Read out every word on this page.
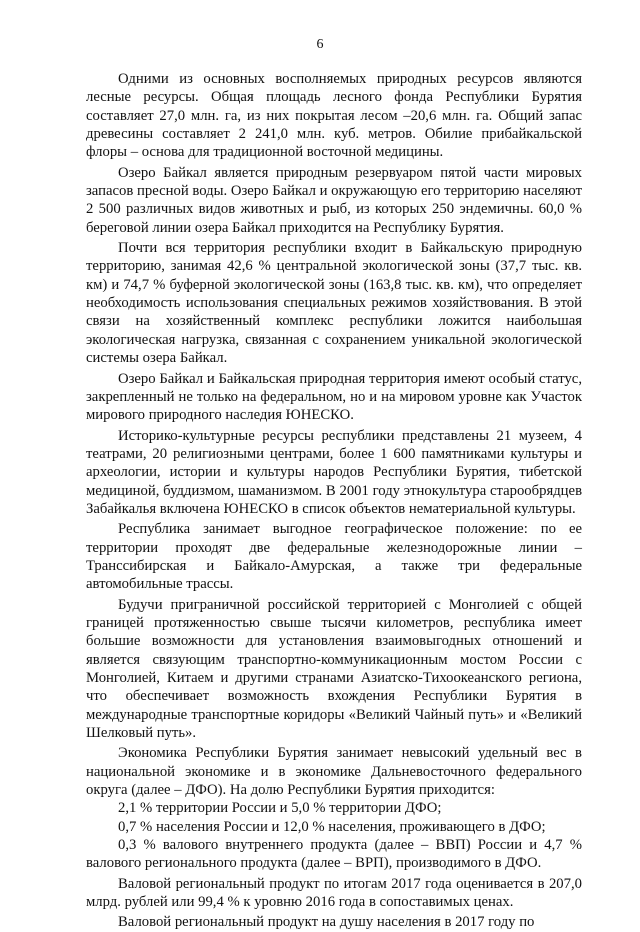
6

Одними из основных восполняемых природных ресурсов являются лесные ресурсы. Общая площадь лесного фонда Республики Бурятия составляет 27,0 млн. га, из них покрытая лесом –20,6 млн. га. Общий запас древесины составляет 2 241,0 млн. куб. метров. Обилие прибайкальской флоры – основа для традиционной восточной медицины.

Озеро Байкал является природным резервуаром пятой части мировых запасов пресной воды. Озеро Байкал и окружающую его территорию населяют 2 500 различных видов животных и рыб, из которых 250 эндемичны. 60,0 % береговой линии озера Байкал приходится на Республику Бурятия.

Почти вся территория республики входит в Байкальскую природную территорию, занимая 42,6 % центральной экологической зоны (37,7 тыс. кв. км) и 74,7 % буферной экологической зоны (163,8 тыс. кв. км), что определяет необходимость использования специальных режимов хозяйствования. В этой связи на хозяйственный комплекс республики ложится наибольшая экологическая нагрузка, связанная с сохранением уникальной экологической системы озера Байкал.

Озеро Байкал и Байкальская природная территория имеют особый статус, закрепленный не только на федеральном, но и на мировом уровне как Участок мирового природного наследия ЮНЕСКО.

Историко-культурные ресурсы республики представлены 21 музеем, 4 театрами, 20 религиозными центрами, более 1 600 памятниками культуры и археологии, истории и культуры народов Республики Бурятия, тибетской медициной, буддизмом, шаманизмом. В 2001 году этнокультура старообрядцев Забайкалья включена ЮНЕСКО в список объектов нематериальной культуры.

Республика занимает выгодное географическое положение: по ее территории проходят две федеральные железнодорожные линии – Транссибирская и Байкало-Амурская, а также три федеральные автомобильные трассы.

Будучи приграничной российской территорией с Монголией с общей границей протяженностью свыше тысячи километров, республика имеет большие возможности для установления взаимовыгодных отношений и является связующим транспортно-коммуникационным мостом России с Монголией, Китаем и другими странами Азиатско-Тихоокеанского региона, что обеспечивает возможность вхождения Республики Бурятия в международные транспортные коридоры «Великий Чайный путь» и «Великий Шелковый путь».

Экономика Республики Бурятия занимает невысокий удельный вес в национальной экономике и в экономике Дальневосточного федерального округа (далее – ДФО). На долю Республики Бурятия приходится:

2,1 % территории России и 5,0 % территории ДФО;

0,7 % населения России и 12,0 % населения, проживающего в ДФО;

0,3 % валового внутреннего продукта (далее – ВВП) России и 4,7 % валового регионального продукта (далее – ВРП), производимого в ДФО.

Валовой региональный продукт по итогам 2017 года оценивается в 207,0 млрд. рублей или 99,4 % к уровню 2016 года в сопоставимых ценах.

Валовой региональный продукт на душу населения в 2017 году по
